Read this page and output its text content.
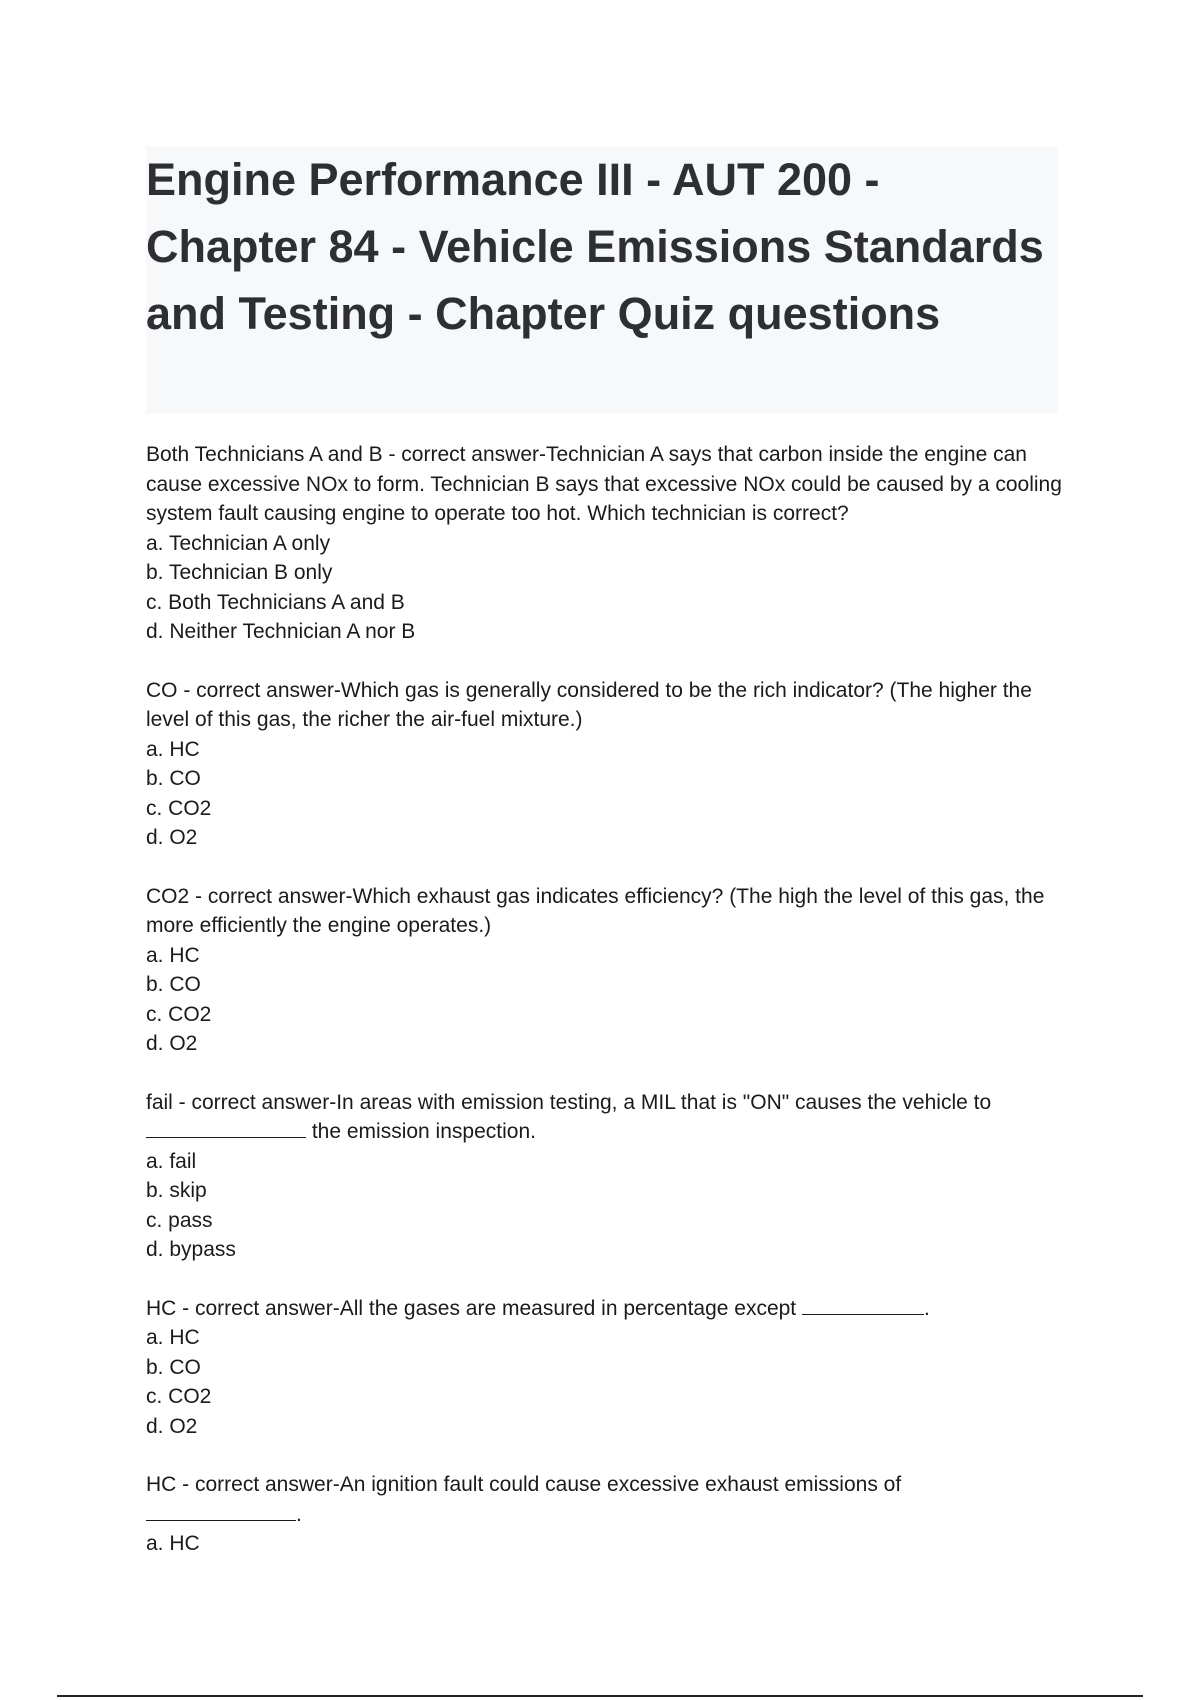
Engine Performance III - AUT 200 - Chapter 84 - Vehicle Emissions Standards and Testing - Chapter Quiz questions

Both Technicians A and B - correct answer-Technician A says that carbon inside the engine can cause excessive NOx to form. Technician B says that excessive NOx could be caused by a cooling system fault causing engine to operate too hot. Which technician is correct?

a. Technician A only
b. Technician B only
c. Both Technicians A and B
d. Neither Technician A nor B

CO - correct answer-Which gas is generally considered to be the rich indicator? (The higher the level of this gas, the richer the air-fuel mixture.)

a. HC
b. CO
c. CO2
d. O2

CO2 - correct answer-Which exhaust gas indicates efficiency? (The high the level of this gas, the more efficiently the engine operates.)

a. HC
b. CO
c. CO2
d. O2

fail - correct answer-In areas with emission testing, a MIL that is "ON" causes the vehicle to  the emission inspection.

a. fail
b. skip
c. pass
d. bypass

HC - correct answer-All the gases are measured in percentage except	.

a. HC
b. CO
c. CO2
d. O2

HC - correct answer-An ignition fault could cause excessive exhaust emissions of
.

a. HC
